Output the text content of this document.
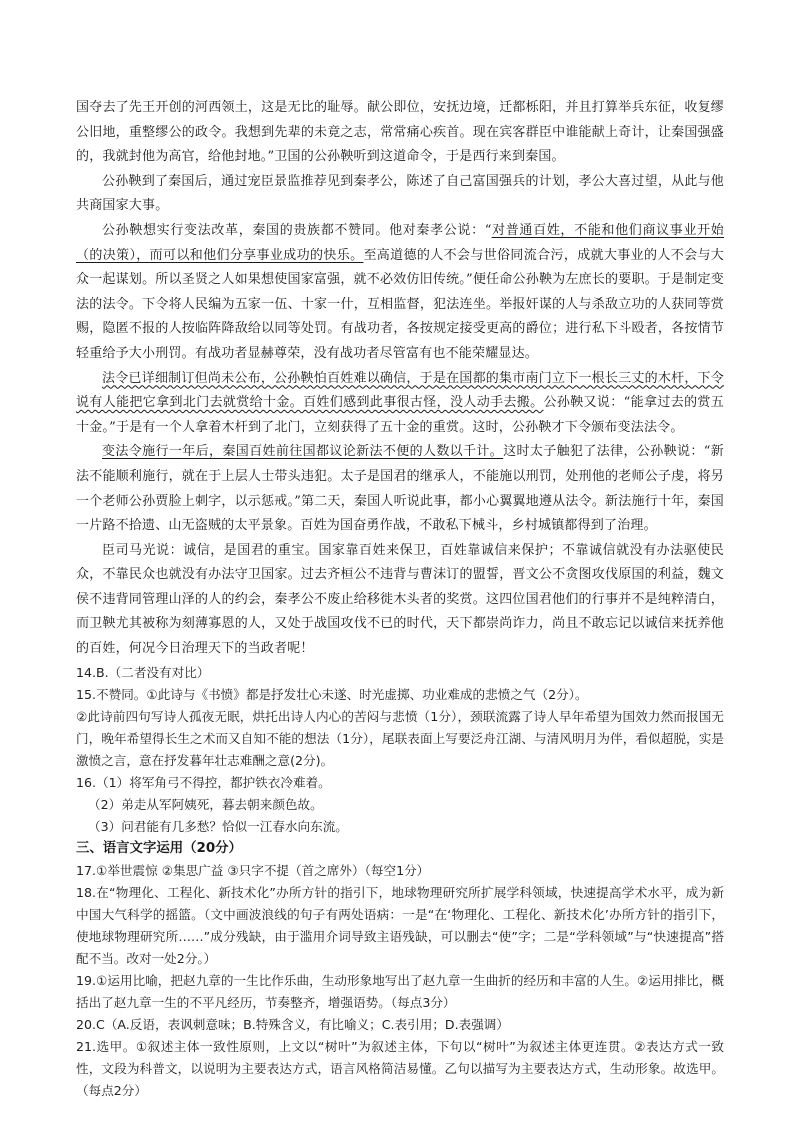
国夺去了先王开创的河西领土，这是无比的耻辱。献公即位，安抚边境，迁都栎阳，并且打算举兵东征，收复缪公旧地，重整缪公的政令。我想到先辈的未竟之志，常常痛心疾首。现在宾客群臣中谁能献上奇计，让秦国强盛的，我就封他为高官，给他封地。”卫国的公孙鞅听到这道命令，于是西行来到秦国。

公孙鞅到了秦国后，通过宠臣景监推荐见到秦孝公，陈述了自己富国强兵的计划，孝公大喜过望，从此与他共商国家大事。

公孙鞅想实行变法改革，秦国的贵族都不赞同。他对秦孝公说：“对普通百姓，不能和他们商议事业开始（的决策），而可以和他们分享事业成功的快乐。至高道德的人不会与世俗同流合污，成就大事业的人不会与大众一起谋划。所以圣贤之人如果想使国家富强，就不必效仿旧传统。”便任命公孙鞅为左庶长的要职。于是制定变法的法令。下令将人民编为五家一伍、十家一什，互相监督，犯法连坐。举报奸谋的人与杀敌立功的人获同等赏赐，隐匿不报的人按临阵降敌给以同等处罚。有战功者，各按规定接受更高的爵位；进行私下斗殴者，各按情节轻重给予大小刑罚。有战功者显赫尊荣，没有战功者尽管富有也不能荣耀显达。

法令已详细制订但尚未公布，公孙鞅怕百姓难以确信，于是在国都的集市南门立下一根长三丈的木杆，下令说有人能把它拿到北门去就赏给十金。百姓们感到此事很古怪，没人动手去搬。公孙鞅又说：“能拿过去的赏五十金。”于是有一个人拿着木杆到了北门，立刻获得了五十金的重赏。这时，公孙鞅才下令颁布变法法令。

变法令施行一年后，秦国百姓前往国都议论新法不便的人数以千计。这时太子触犯了法律，公孙鞅说：“新法不能顺利施行，就在于上层人士带头违犯。太子是国君的继承人，不能施以刑罚，处刑他的老师公子虔，将另一个老师公孙贾脸上刺字，以示惩戒。”第二天，秦国人听说此事，都小心翼翼地遵从法令。新法施行十年，秦国一片路不拾遗、山无盗贼的太平景象。百姓为国奋勇作战，不敢私下械斗，乡村城镇都得到了治理。

臣司马光说：诚信，是国君的重宝。国家靠百姓来保卫，百姓靠诚信来保护；不靠诚信就没有办法驱使民众，不靠民众也就没有办法守卫国家。过去齐桓公不违背与曹沫订的盟誓，晋文公不贪图攻伐原国的利益，魏文侯不违背同管理山泽的人的约会，秦孝公不废止给移徙木头者的奖赏。这四位国君他们的行事并不是纯粹清白，而卫鞅尤其被称为刻薄寡恩的人，又处于战国攻伐不已的时代，天下都崇尚诈力，尚且不敢忘记以诚信来抚养他的百姓，何况今日治理天下的当政者呢！

14.B.（二者没有对比）

15.不赞同。①此诗与《书愤》都是抒发壮心未遂、时光虚掷、功业难成的悲愤之气（2分）。

②此诗前四句写诗人孤夜无眠，烘托出诗人内心的苦闷与悲愤（1分），颈联流露了诗人早年希望为国效力然而报国无门，晚年希望得长生之术而又自知不能的想法（1分），尾联表面上写要泛舟江湖、与清风明月为伴，看似超脱，实是激愤之言，意在抒发暮年壮志难酬之意(2分)。

16.（1）将军角弓不得控，都护铁衣冷难着。

（2）弟走从军阿姨死，暮去朝来颜色故。

（3）问君能有几多愁？恰似一江春水向东流。

三、语言文字运用（20分）

17.①举世震惊 ②集思广益 ③只字不提（首之席外）（每空1分）

18.在“物理化、工程化、新技术化”办所方针的指引下，地球物理研究所扩展学科领域，快速提高学术水平，成为新中国大气科学的摇篮。（文中画波浪线的句子有两处语病：一是“在‘物理化、工程化、新技术化’办所方针的指引下，使地球物理研究所……”成分残缺，由于滥用介词导致主语残缺，可以删去“使”字；二是“学科领域”与“快速提高”搭配不当。改对一处2分。）

19.①运用比喻，把赵九章的一生比作乐曲，生动形象地写出了赵九章一生曲折的经历和丰富的人生。②运用排比，概括出了赵九章一生的不平凡经历，节奏整齐，增强语势。（每点3分）

20.C（A.反语，表讽刺意味；B.特殊含义，有比喻义；C.表引用；D.表强调）

21.选甲。①叙述主体一致性原则，上文以“树叶”为叙述主体，下句以“树叶”为叙述主体更连贯。②表达方式一致性，文段为科普文，以说明为主要表达方式，语言风格简洁易懂。乙句以描写为主要表达方式，生动形象。故选甲。（每点2分）
